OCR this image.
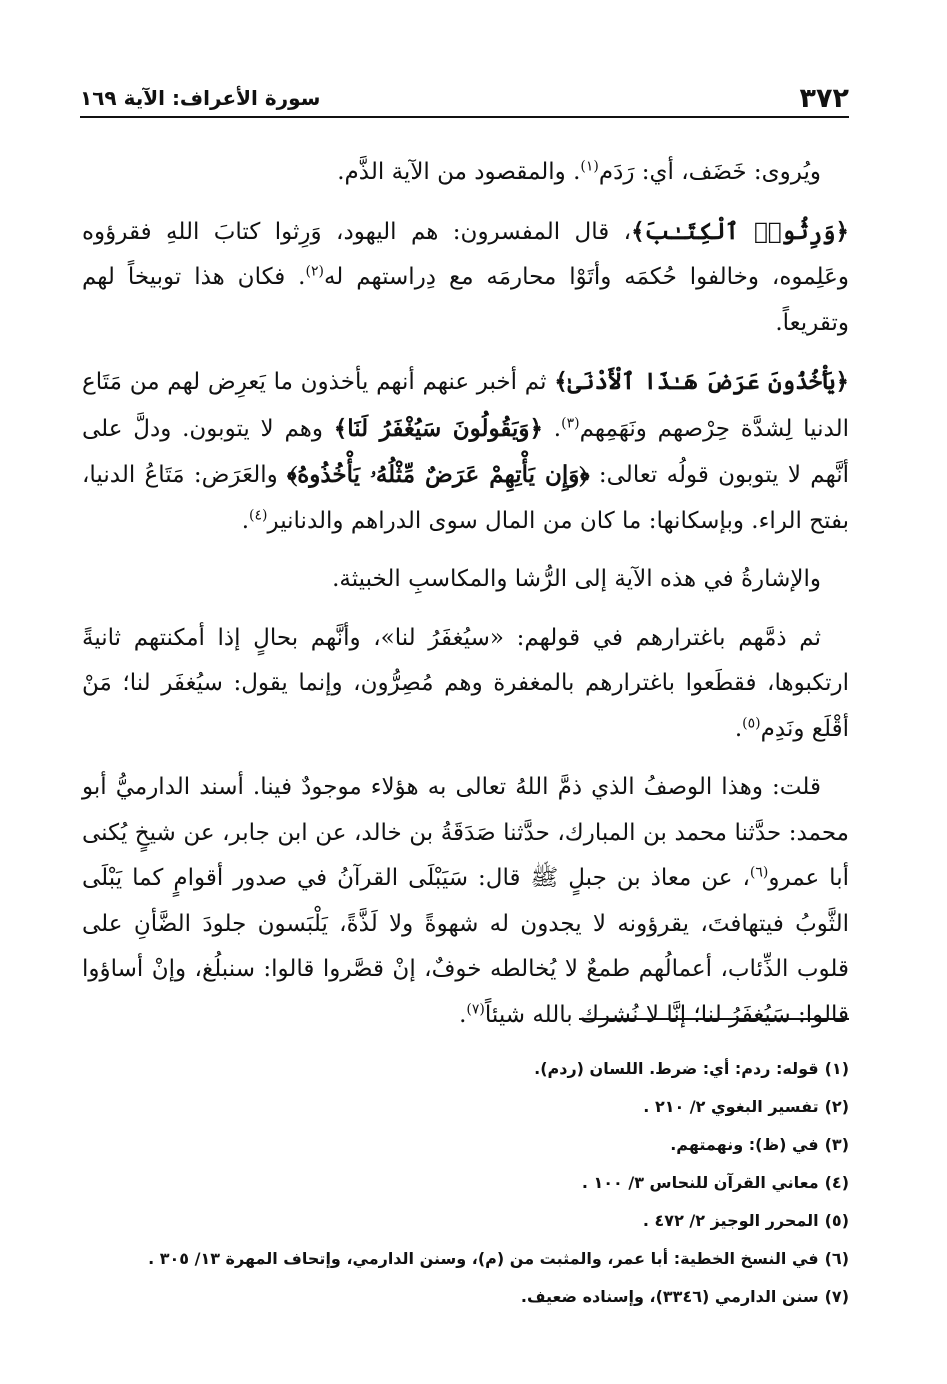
٣٧٢
سورة الأعراف: الآية ١٦٩

ويُروى: خَضَف، أي: رَدَم$^{(١)}$. والمقصود من الآية الذَّم.

﴿وَرِثُوا۟ ٱلْكِتَـٰبَ﴾، قال المفسرون: هم اليهود، وَرِثوا كتابَ اللهِ فقرؤوه وعَلِموه، وخالفوا حُكمَه وأتَوْا محارمَه مع دِراستهم له$^{(٢)}$. فكان هذا توبيخاً لهم وتقريعاً.

﴿يَأْخُذُونَ عَرَضَ هَـٰذَا ٱلْأَدْنَىٰ﴾ ثم أخبر عنهم أنهم يأخذون ما يَعرِض لهم من مَتَاع الدنيا لِشدَّة حِرْصهم ونَهَمِهم$^{(٣)}$. ﴿وَيَقُولُونَ سَيُغْفَرُ لَنَا﴾ وهم لا يتوبون. ودلَّ على أنَّهم لا يتوبون قولُه تعالى: ﴿وَإِن يَأْتِهِمْ عَرَضٌ مِّثْلُهُۥ يَأْخُذُوهُ﴾ والعَرَض: مَتَاعُ الدنيا، بفتح الراء. وبإسكانها: ما كان من المال سوى الدراهم والدنانير$^{(٤)}$.

والإشارةُ في هذه الآية إلى الرُّشا والمكاسبِ الخبيثة.

ثم ذمَّهم باغترارهم في قولهم: «سيُغفَرُ لنا»، وأنَّهم بحالٍ إذا أمكنتهم ثانيةً ارتكبوها، فقطَعوا باغترارهم بالمغفرة وهم مُصِرُّون، وإنما يقول: سيُغفَر لنا؛ مَنْ أقْلَع ونَدِم$^{(٥)}$.

قلت: وهذا الوصفُ الذي ذمَّ اللهُ تعالى به هؤلاء موجودٌ فينا. أسند الدارميُّ أبو محمد: حدَّثنا محمد بن المبارك، حدَّثنا صَدَقَةُ بن خالد، عن ابن جابر، عن شيخٍ يُكنى أبا عمرو$^{(٦)}$، عن معاذ بن جبلٍ ﷺ قال: سَيَبْلَى القرآنُ في صدور أقوامٍ كما يَبْلَى الثَّوبُ فيتهافتَ، يقرؤونه لا يجدون له شهوةً ولا لَذَّةً، يَلْبَسون جلودَ الضَّأنِ على قلوب الذِّئاب، أعمالُهم طمعٌ لا يُخالطه خوفٌ، إنْ قصَّروا قالوا: سنبلُغ، وإنْ أساؤوا قالوا: سَيُغفَرُ لنا؛ إنَّا لا نُشرك بالله شيئاً$^{(٧)}$.

(١)قوله: ردم: أي: ضرط. اللسان (ردم).
(٢)تفسير البغوي ٢/ ٢١٠ .
(٣)في (ظ): ونهمتهم.
(٤)معاني القرآن للنحاس ٣/ ١٠٠ .
(٥)المحرر الوجيز ٢/ ٤٧٢ .
(٦)في النسخ الخطية: أبا عمر، والمثبت من (م)، وسنن الدارمي، وإتحاف المهرة ١٣/ ٣٠٥ .
(٧)سنن الدارمي (٣٣٤٦)، وإسناده ضعيف.
